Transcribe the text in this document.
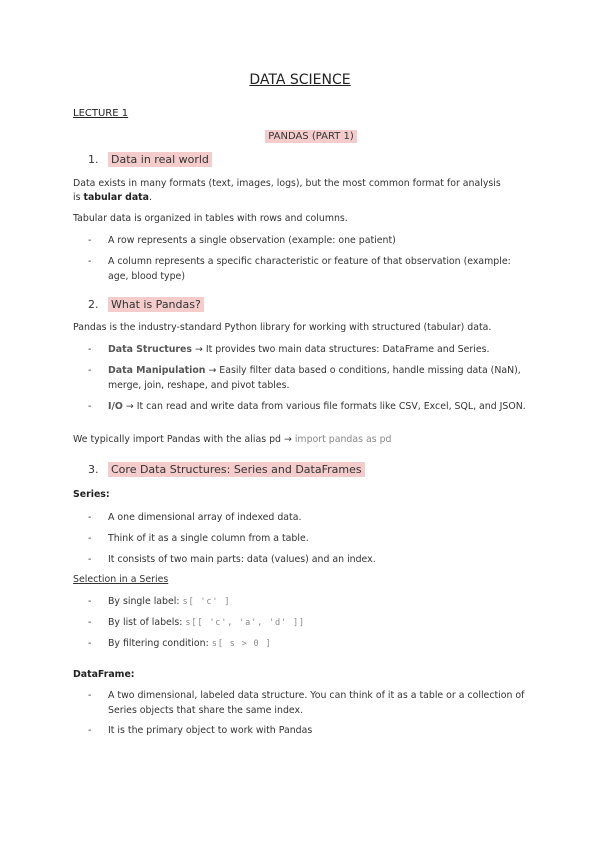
DATA SCIENCE
LECTURE 1
PANDAS (PART 1)
1. Data in real world
Data exists in many formats (text, images, logs), but the most common format for analysis
is tabular data.
Tabular data is organized in tables with rows and columns.
- A row represents a single observation (example: one patient)
- A column represents a specific characteristic or feature of that observation (example: age, blood type)
2. What is Pandas?
Pandas is the industry-standard Python library for working with structured (tabular) data.
- Data Structures → It provides two main data structures: DataFrame and Series.
- Data Manipulation → Easily filter data based o conditions, handle missing data (NaN), merge, join, reshape, and pivot tables.
- I/O → It can read and write data from various file formats like CSV, Excel, SQL, and JSON.
We typically import Pandas with the alias pd → import pandas as pd
3. Core Data Structures: Series and DataFrames
Series:
- A one dimensional array of indexed data.
- Think of it as a single column from a table.
- It consists of two main parts: data (values) and an index.
Selection in a Series
- By single label: s[ 'c' ]
- By list of labels: s[[ 'c', 'a', 'd' ]]
- By filtering condition: s[ s > 0 ]
DataFrame:
- A two dimensional, labeled data structure. You can think of it as a table or a collection of Series objects that share the same index.
- It is the primary object to work with Pandas
